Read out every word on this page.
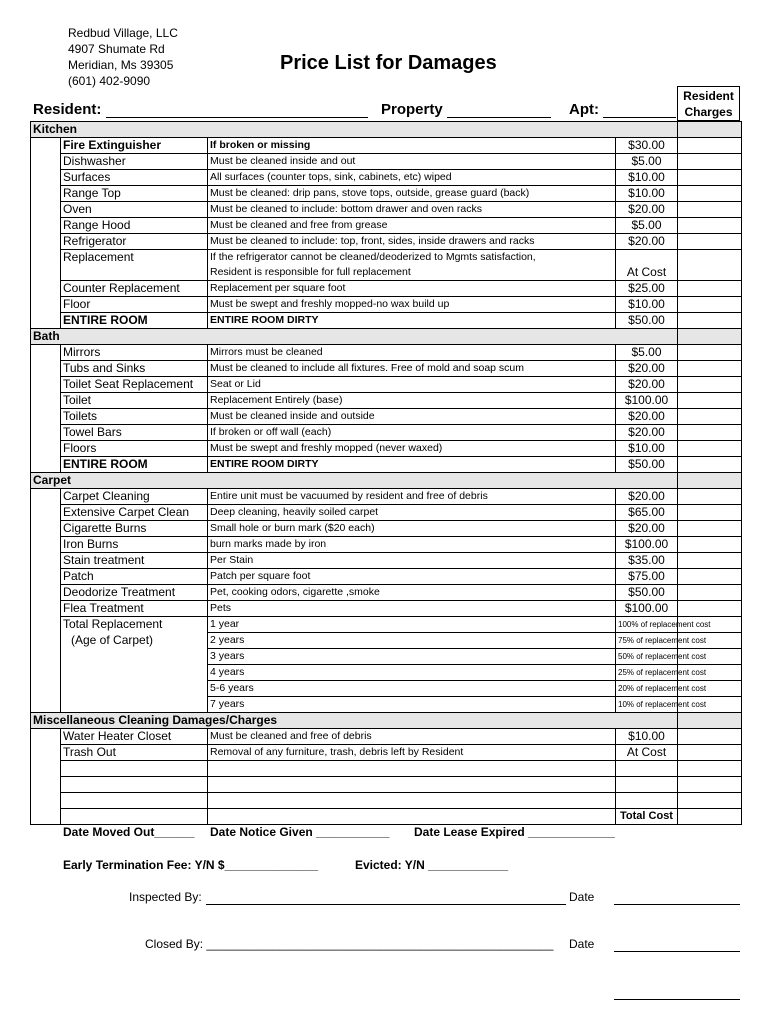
Redbud Village, LLC
4907 Shumate Rd
Meridian, Ms 39305
(601) 402-9090
Price List for Damages
Resident
Charges
Resident:	Property	Apt:
Kitchen				
	Fire Extinguisher	If broken or missing	$30.00	
	Dishwasher	Must be cleaned inside and out	$5.00	
	Surfaces	All surfaces (counter tops, sink, cabinets, etc) wiped	$10.00	
	Range Top	Must be cleaned: drip pans, stove tops, outside, grease guard (back)	$10.00	
	Oven	Must be cleaned to include: bottom drawer and oven racks	$20.00	
	Range Hood	Must be cleaned and free from grease	$5.00	
	Refrigerator	Must be cleaned to include: top, front, sides, inside drawers and racks	$20.00	
	Replacement	If the refrigerator cannot be cleaned/deoderized to Mgmts satisfaction,		
		Resident is responsible for full replacement	At Cost	
	Counter Replacement	Replacement per square foot	$25.00	
	Floor	Must be swept and freshly mopped-no wax build up	$10.00	
	ENTIRE ROOM	ENTIRE ROOM DIRTY	$50.00	
Bath				
	Mirrors	Mirrors must be cleaned	$5.00	
	Tubs and Sinks	Must be cleaned to include all fixtures. Free of mold and soap scum	$20.00	
	Toilet Seat Replacement	Seat or Lid	$20.00	
	Toilet	Replacement Entirely (base)	$100.00	
	Toilets	Must be cleaned inside and outside	$20.00	
	Towel Bars	If broken or off wall (each)	$20.00	
	Floors	Must be swept and freshly mopped (never waxed)	$10.00	
	ENTIRE ROOM	ENTIRE ROOM DIRTY	$50.00	
Carpet				
	Carpet Cleaning	Entire unit must be vacuumed by resident and free of debris	$20.00	
	Extensive Carpet Clean	Deep cleaning, heavily soiled carpet	$65.00	
	Cigarette Burns	Small hole or burn mark ($20 each)	$20.00	
	Iron Burns	burn marks made by iron	$100.00	
	Stain treatment	Per Stain	$35.00	
	Patch	Patch per square foot	$75.00	
	Deodorize Treatment	Pet, cooking odors, cigarette ,smoke	$50.00	
	Flea Treatment	Pets	$100.00	
	Total Replacement	1 year	100% of replacement cost	
	(Age of Carpet)	2 years	75% of replacement cost	
		3 years	50% of replacement cost	
		4 years	25% of replacement cost	
		5-6 years	20% of replacement cost	
		7 years	10% of replacement cost	
Miscellaneous Cleaning Damages/Charges				
	Water Heater Closet	Must be cleaned and free of debris	$10.00	
	Trash Out	Removal of any furniture, trash, debris left by Resident	At Cost	

			Total Cost	
Date Moved Out______ Date Notice Given ___________ Date Lease Expired _____________
Early Termination Fee: Y/N $______________	Evicted: Y/N ____________
Inspected By:	Date
Closed By: ____________________________________________________ Date
